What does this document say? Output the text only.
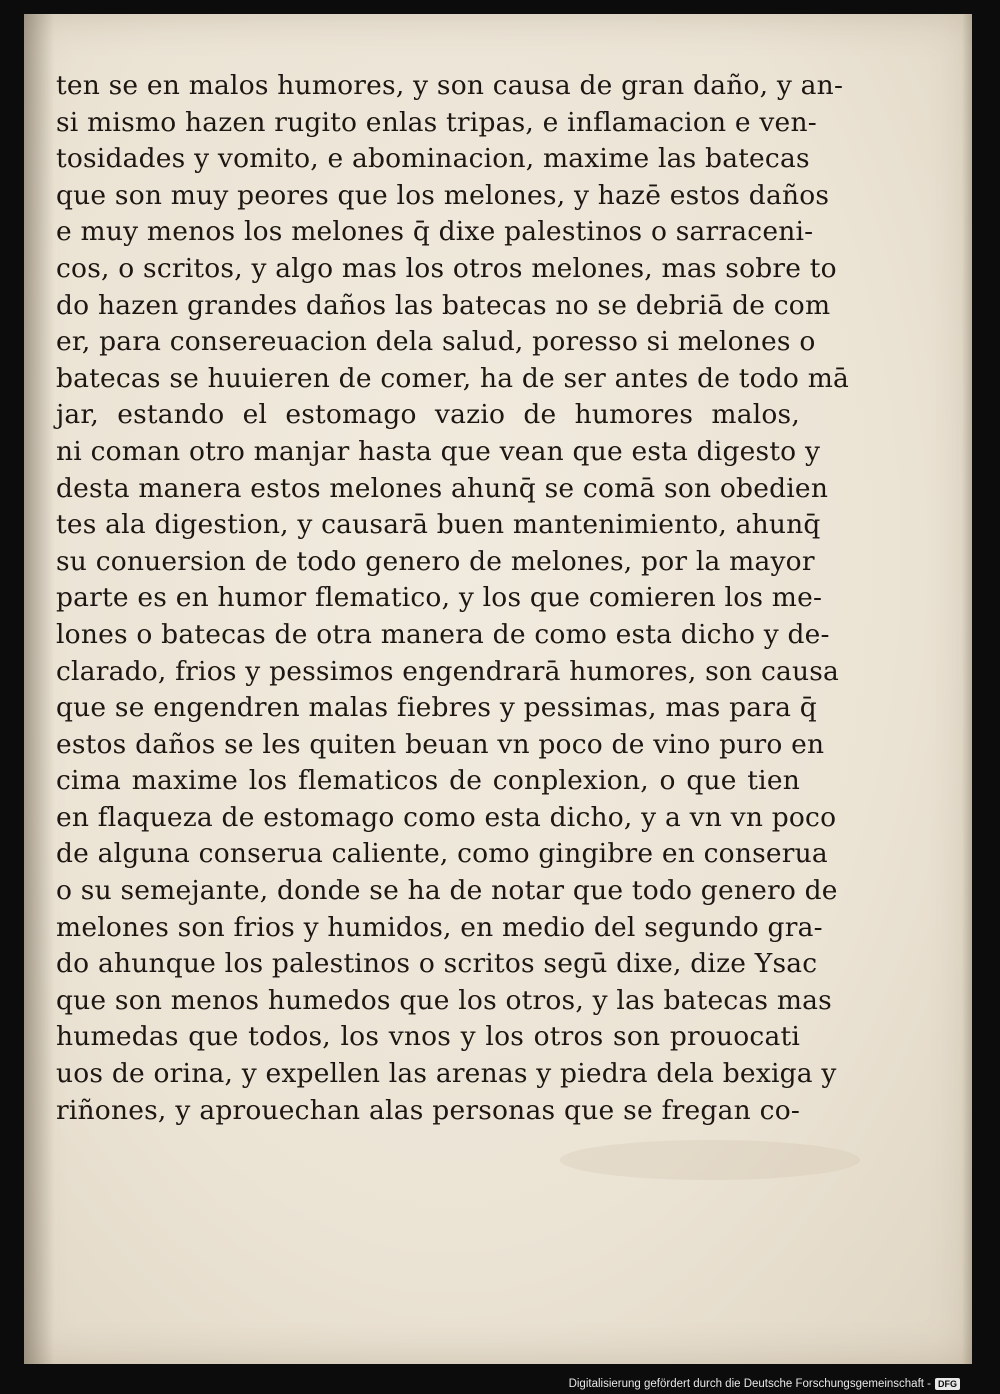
ten se en malos humores, y son causa de gran daño, y an-
si mismo hazen rugito enlas tripas, e inflamacion e ven-
tosidades y vomito, e abominacion, maxime las batecas
que son muy peores que los melones, y hazē estos daños
e muy menos los melones q̄ dixe palestinos o sarraceni-
cos, o scritos, y algo mas los otros melones, mas sobre to
do hazen grandes daños las batecas no se debriā de com
er, para consereuacion dela salud, poresso si melones o
batecas se huuieren de comer, ha de ser antes de todo mā
jar, estando el estomago vazio de humores malos,
ni coman otro manjar hasta que vean que esta digesto y
desta manera estos melones ahunq̄ se comā son obedien
tes ala digestion, y causarā buen mantenimiento, ahunq̄
su conuersion de todo genero de melones, por la mayor
parte es en humor flematico, y los que comieren los me-
lones o batecas de otra manera de como esta dicho y de-
clarado, frios y pessimos engendrarā humores, son causa
que se engendren malas fiebres y pessimas, mas para q̄
estos daños se les quiten beuan vn poco de vino puro en
cima maxime los flematicos de conplexion, o que tien
en flaqueza de estomago como esta dicho, y a vn vn poco
de alguna conserua caliente, como gingibre en conserua
o su semejante, donde se ha de notar que todo genero de
melones son frios y humidos, en medio del segundo gra-
do ahunque los palestinos o scritos segū dixe, dize Ysac
que son menos humedos que los otros, y las batecas mas
humedas que todos, los vnos y los otros son prouocati
uos de orina, y expellen las arenas y piedra dela bexiga y
riñones, y aprouechan alas personas que se fregan co-
Digitalisierung gefördert durch die Deutsche Forschungsgemeinschaft - DFG
